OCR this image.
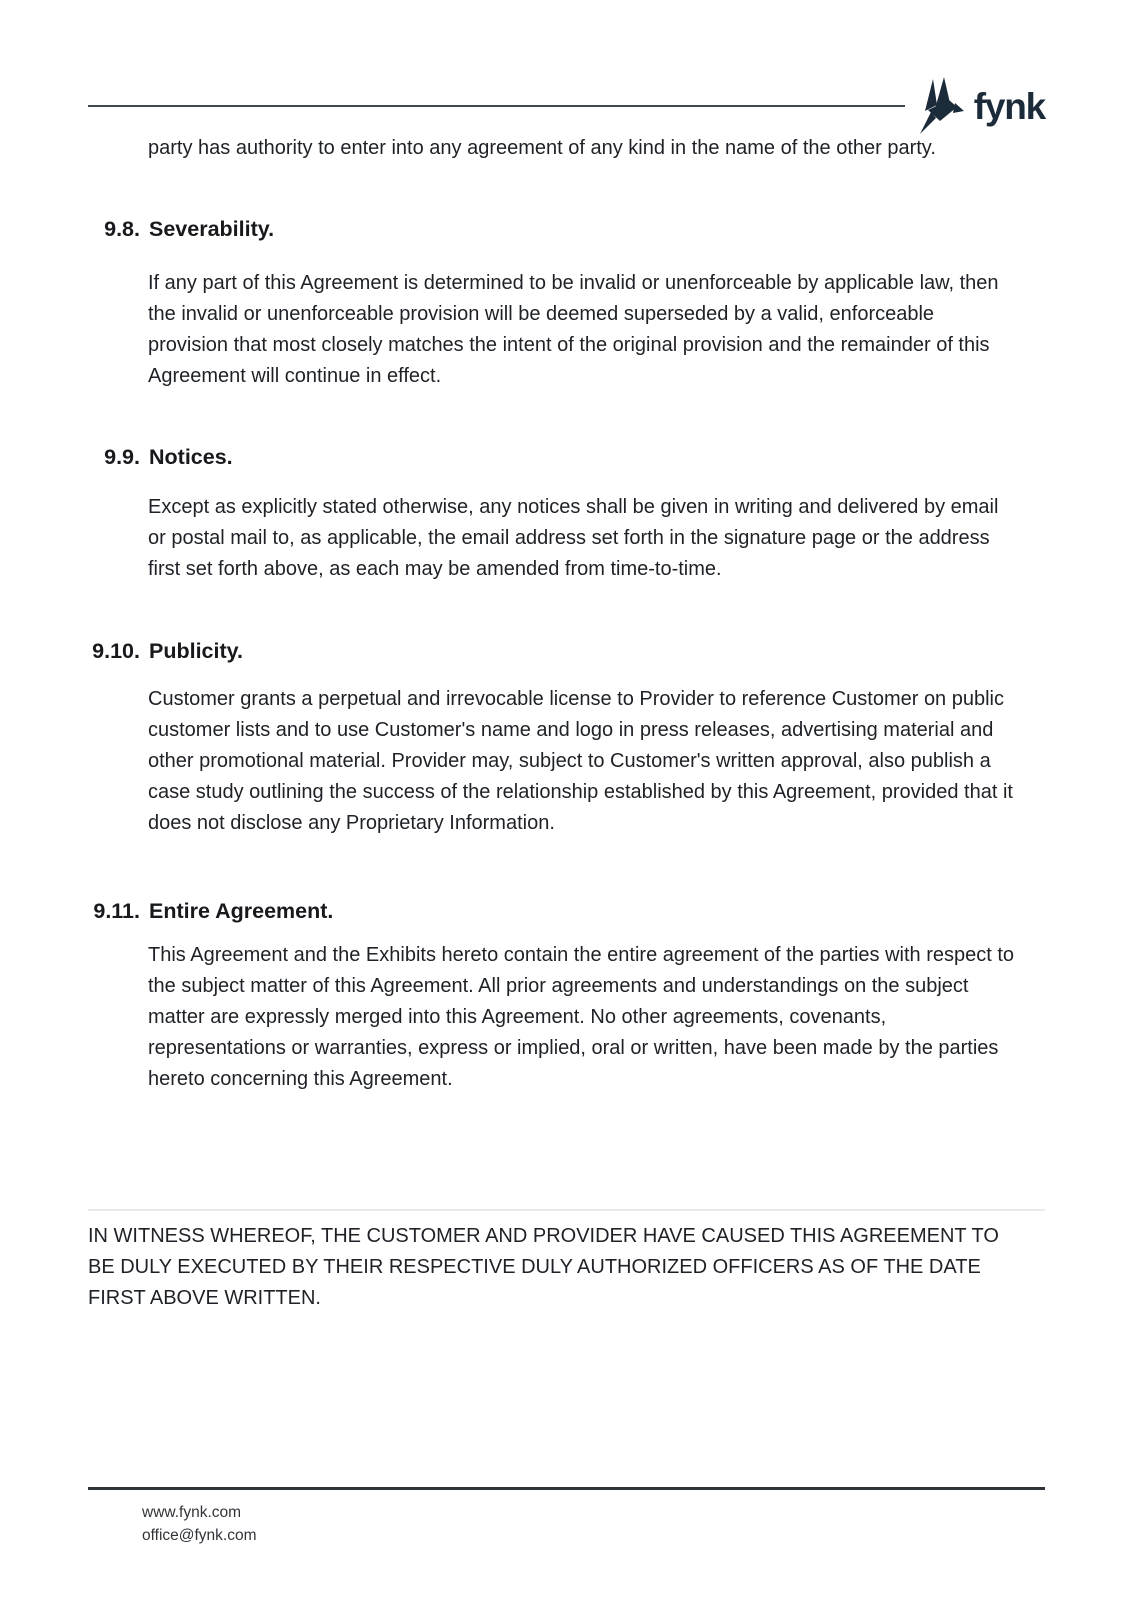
fynk

party has authority to enter into any agreement of any kind in the name of the other party.

9.8. Severability.

If any part of this Agreement is determined to be invalid or unenforceable by applicable law, then the invalid or unenforceable provision will be deemed superseded by a valid, enforceable provision that most closely matches the intent of the original provision and the remainder of this Agreement will continue in effect.

9.9. Notices.

Except as explicitly stated otherwise, any notices shall be given in writing and delivered by email or postal mail to, as applicable, the email address set forth in the signature page or the address first set forth above, as each may be amended from time-to-time.

9.10. Publicity.

Customer grants a perpetual and irrevocable license to Provider to reference Customer on public customer lists and to use Customer's name and logo in press releases, advertising material and other promotional material. Provider may, subject to Customer's written approval, also publish a case study outlining the success of the relationship established by this Agreement, provided that it does not disclose any Proprietary Information.

9.11. Entire Agreement.

This Agreement and the Exhibits hereto contain the entire agreement of the parties with respect to the subject matter of this Agreement. All prior agreements and understandings on the subject matter are expressly merged into this Agreement. No other agreements, covenants, representations or warranties, express or implied, oral or written, have been made by the parties hereto concerning this Agreement.

IN WITNESS WHEREOF, THE CUSTOMER AND PROVIDER HAVE CAUSED THIS AGREEMENT TO BE DULY EXECUTED BY THEIR RESPECTIVE DULY AUTHORIZED OFFICERS AS OF THE DATE FIRST ABOVE WRITTEN.

www.fynk.com
office@fynk.com
